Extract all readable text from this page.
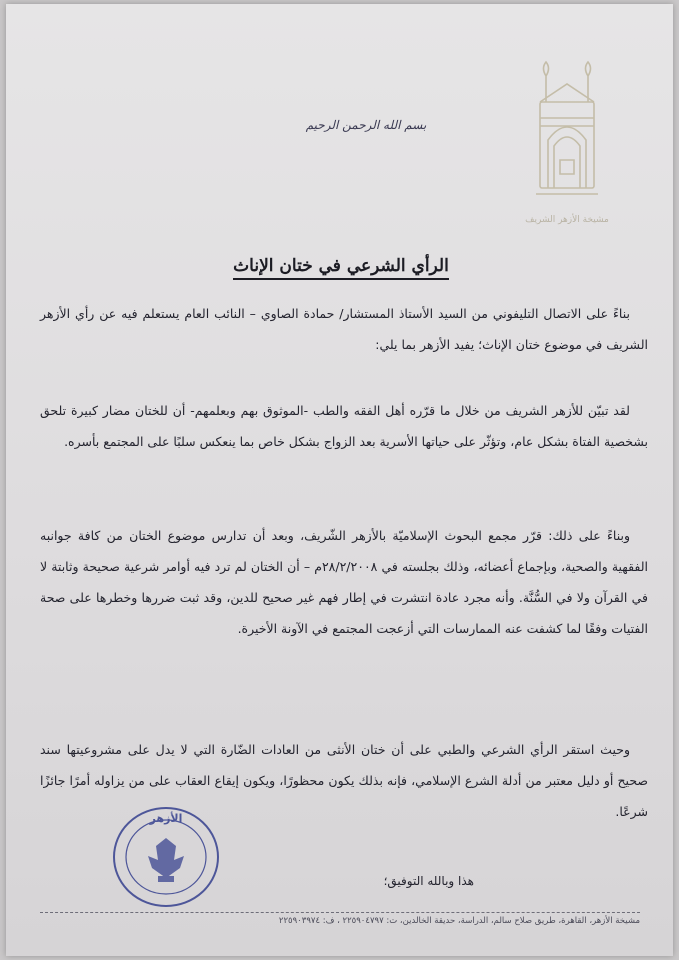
مشيخة الأزهر الشريف
بسم الله الرحمن الرحيم
الرأي الشرعي في ختان الإناث
بناءً على الاتصال التليفوني من السيد الأستاذ المستشار/ حمادة الصاوي – النائب العام يستعلم فيه عن رأي الأزهر الشريف في موضوع ختان الإناث؛ يفيد الأزهر بما يلي:
لقد تبيّن للأزهر الشريف من خلال ما قرّره أهل الفقه والطب -الموثوق بهم وبعلمهم- أن للختان مضار كبيرة تلحق بشخصية الفتاة بشكل عام، وتؤثّر على حياتها الأسرية بعد الزواج بشكل خاص بما ينعكس سلبًا على المجتمع بأسره.
وبناءً على ذلك: قرّر مجمع البحوث الإسلاميّة بالأزهر الشّريف، وبعد أن تدارس موضوع الختان من كافة جوانبه الفقهية والصحية، وبإجماع أعضائه، وذلك بجلسته في ٢٨/٢/٢٠٠٨م – أن الختان لم ترد فيه أوامر شرعية صحيحة وثابتة لا في القرآن ولا في السُّنَّة. وأنه مجرد عادة انتشرت في إطار فهم غير صحيح للدين، وقد ثبت ضررها وخطرها على صحة الفتيات وفقًا لما كشفت عنه الممارسات التي أزعجت المجتمع في الآونة الأخيرة.
وحيث استقر الرأي الشرعي والطبي على أن ختان الأنثى من العادات الضّارة التي لا يدل على مشروعيتها سند صحيح أو دليل معتبر من أدلة الشرع الإسلامي، فإنه بذلك يكون محظورًا، ويكون إيقاع العقاب على من يزاوله أمرًا جائزًا شرعًا.
الأزهر
هذا وبالله التوفيق؛
مشيخة الأزهر، القاهرة، طريق صلاح سالم، الدراسة، حديقة الخالدين، ت: ٢٢٥٩٠٤٧٩٧ ، ف: ٢٢٥٩٠٣٩٧٤
